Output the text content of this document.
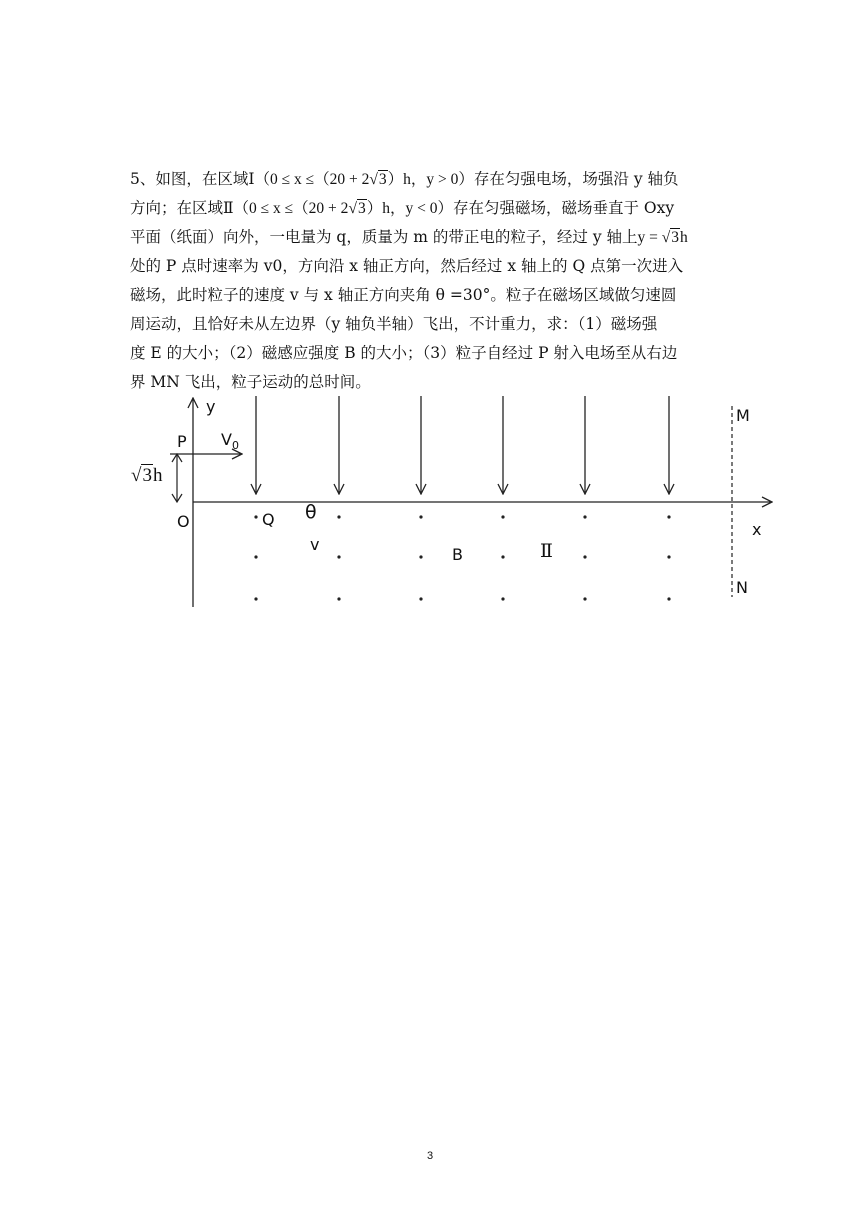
5、如图，在区域Ⅰ（0 ≤ x ≤（20 + 2√3）h，y > 0）存在匀强电场，场强沿 y 轴负
方向；在区域Ⅱ（0 ≤ x ≤（20 + 2√3）h，y < 0）存在匀强磁场，磁场垂直于 Oxy
平面（纸面）向外，一电量为 q，质量为 m 的带正电的粒子，经过 y 轴上y = √3h
处的 P 点时速率为 v0，方向沿 x 轴正方向，然后经过 x 轴上的 Q 点第一次进入
磁场，此时粒子的速度 v 与 x 轴正方向夹角 θ =30°。粒子在磁场区域做匀速圆
周运动，且恰好未从左边界（y 轴负半轴）飞出，不计重力，求：（1）磁场强
度 E 的大小；（2）磁感应强度 B 的大小；（3）粒子自经过 P 射入电场至从右边
界 MN 飞出，粒子运动的总时间。
y
x
O
P $V_0$
√3h
Q θ
v
B	Ⅱ
M
N
3
